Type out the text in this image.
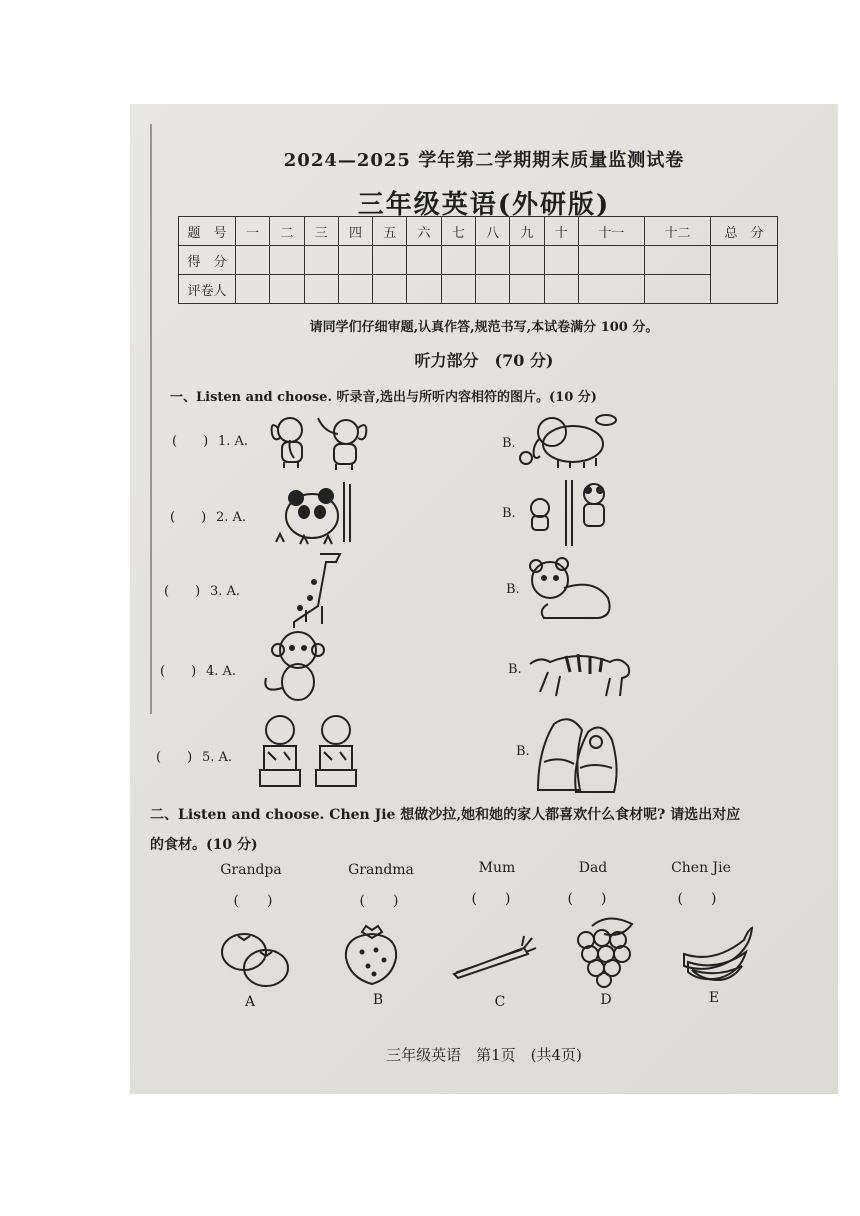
2024—2025 学年第二学期期末质量监测试卷
三年级英语(外研版)
题　号	一	二	三	四	五	六	七	八	九	十	十一	十二	总　分
得　分													
评卷人													
请同学们仔细审题,认真作答,规范书写,本试卷满分 100 分。
听力部分　(70 分)
一、Listen and choose. 听录音,选出与所听内容相符的图片。(10 分)
(　　) 1. A.	B.
(　　) 2. A.	B.
(　　) 3. A.	B.
(　　) 4. A.	B.
(　　) 5. A.	B.
二、Listen and choose. Chen Jie 想做沙拉,她和她的家人都喜欢什么食材呢? 请选出对应
的食材。(10 分)
Grandpa	Grandma	Mum	Dad	Chen Jie
(　　)	(　　)	(　　)	(　　)	(　　)
A	B	C	D	E
三年级英语　第1页　(共4页)
